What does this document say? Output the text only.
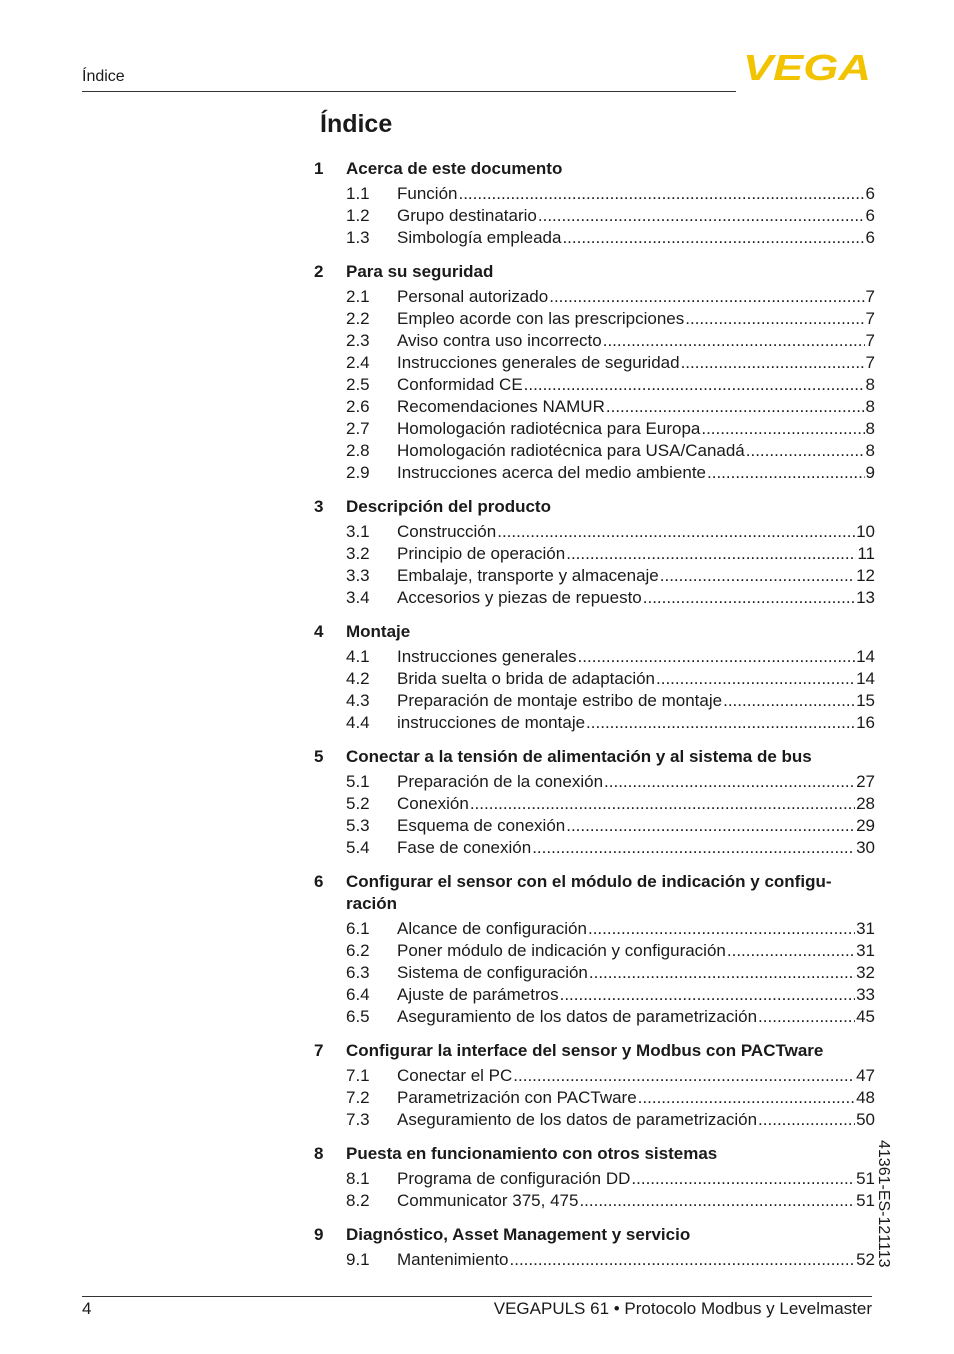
Índice	VEGA
Índice
1	Acerca de este documento
1.1	Función .....	6
1.2	Grupo destinatario .....	6
1.3	Simbología empleada .....	6
2	Para su seguridad
2.1	Personal autorizado .....	7
2.2	Empleo acorde con las prescripciones .....	7
2.3	Aviso contra uso incorrecto .....	7
2.4	Instrucciones generales de seguridad .....	7
2.5	Conformidad CE .....	8
2.6	Recomendaciones NAMUR .....	8
2.7	Homologación radiotécnica para Europa .....	8
2.8	Homologación radiotécnica para USA/Canadá .....	8
2.9	Instrucciones acerca del medio ambiente .....	9
3	Descripción del producto
3.1	Construcción .....	10
3.2	Principio de operación .....	11
3.3	Embalaje, transporte y almacenaje .....	12
3.4	Accesorios y piezas de repuesto .....	13
4	Montaje
4.1	Instrucciones generales .....	14
4.2	Brida suelta o brida de adaptación .....	14
4.3	Preparación de montaje estribo de montaje .....	15
4.4	instrucciones de montaje .....	16
5	Conectar a la tensión de alimentación y al sistema de bus
5.1	Preparación de la conexión .....	27
5.2	Conexión .....	28
5.3	Esquema de conexión .....	29
5.4	Fase de conexión .....	30
6	Configurar el sensor con el módulo de indicación y configu-ración
6.1	Alcance de configuración .....	31
6.2	Poner módulo de indicación y configuración .....	31
6.3	Sistema de configuración .....	32
6.4	Ajuste de parámetros .....	33
6.5	Aseguramiento de los datos de parametrización .....	45
7	Configurar la interface del sensor y Modbus con PACTware
7.1	Conectar el PC .....	47
7.2	Parametrización con PACTware .....	48
7.3	Aseguramiento de los datos de parametrización .....	50
8	Puesta en funcionamiento con otros sistemas
8.1	Programa de configuración DD .....	51
8.2	Communicator 375, 475 .....	51
9	Diagnóstico, Asset Management y servicio
9.1	Mantenimiento .....	52 41361-ES-121113
4	VEGAPULS 61 • Protocolo Modbus y Levelmaster
